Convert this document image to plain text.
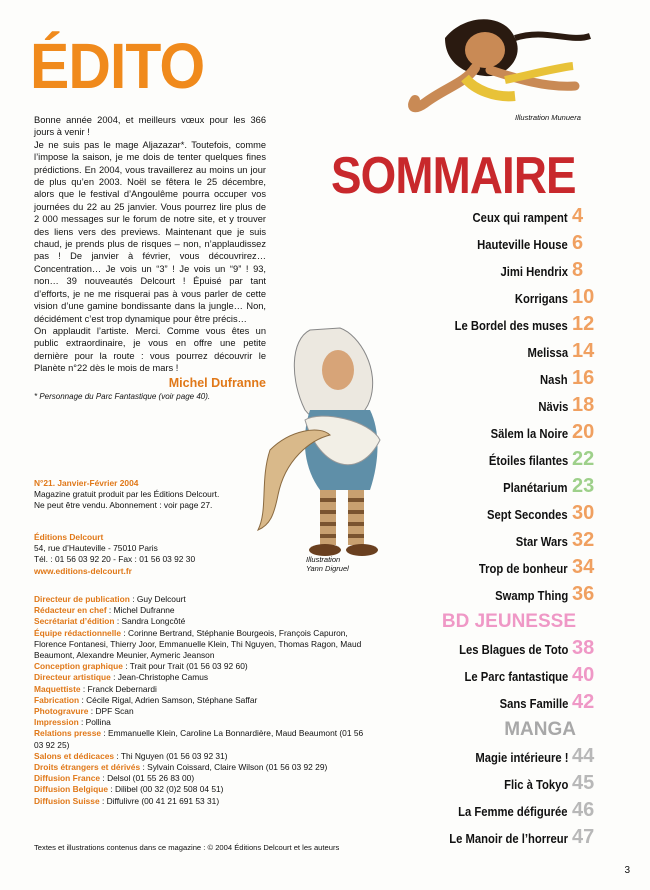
ÉDITO

Bonne année 2004, et meilleurs vœux pour les 366 jours à venir !

Je ne suis pas le mage Aljazazar*. Toutefois, comme l’impose la saison, je me dois de tenter quelques fines prédictions. En 2004, vous travaillerez au moins un jour de plus qu’en 2003. Noël se fêtera le 25 décembre, alors que le festival d’Angoulême pourra occuper vos journées du 22 au 25 janvier. Vous pourrez lire plus de 2 000 messages sur le forum de notre site, et y trouver des liens vers des previews. Maintenant que je suis chaud, je prends plus de risques – non, n’applaudissez pas ! De janvier à février, vous découvrirez… Concentration… Je vois un “3” ! Je vois un “9” ! 93, non… 39 nouveautés Delcourt ! Épuisé par tant d’efforts, je ne me risquerai pas à vous parler de cette vision d’une gamine bondissante dans la jungle… Non, décidément c’est trop dynamique pour être précis…

On applaudit l’artiste. Merci. Comme vous êtes un public extraordinaire, je vous en offre une petite dernière pour la route : vous pourrez découvrir le Planète n°22 dès le mois de mars !

Michel Dufranne
* Personnage du Parc Fantastique (voir page 40).

N°21. Janvier-Février 2004

Magazine gratuit produit par les Éditions Delcourt.

Ne peut être vendu. Abonnement : voir page 27.

Éditions Delcourt

54, rue d’Hauteville - 75010 Paris

Tél. : 01 56 03 92 20 - Fax : 01 56 03 92 30

www.editions-delcourt.fr

Directeur de publication : Guy Delcourt

Rédacteur en chef : Michel Dufranne

Secrétariat d’édition : Sandra Longcôté

Équipe rédactionnelle : Corinne Bertrand, Stéphanie Bourgeois, François Capuron, Florence Fontanesi, Thierry Joor, Emmanuelle Klein, Thi Nguyen, Thomas Ragon, Maud Beaumont, Alexandre Meunier, Aymeric Jeanson

Conception graphique : Trait pour Trait (01 56 03 92 60)

Directeur artistique : Jean-Christophe Camus

Maquettiste : Franck Debernardi

Fabrication : Cécile Rigal, Adrien Samson, Stéphane Saffar

Photogravure : DPF Scan

Impression : Pollina

Relations presse : Emmanuelle Klein, Caroline La Bonnardière, Maud Beaumont (01 56 03 92 25)

Salons et dédicaces : Thi Nguyen (01 56 03 92 31)

Droits étrangers et dérivés : Sylvain Coissard, Claire Wilson (01 56 03 92 29)

Diffusion France : Delsol (01 55 26 83 00)

Diffusion Belgique : Dilibel (00 32 (0)2 508 04 51)

Diffusion Suisse : Diffulivre (00 41 21 691 53 31)

Textes et illustrations contenus dans ce magazine : © 2004 Éditions Delcourt et les auteurs
Illustration Munuera
SOMMAIRE
Illustration
Yann Digruel
Ceux qui rampent 4
Hauteville House 6
Jimi Hendrix 8
Korrigans 10
Le Bordel des muses 12
Melissa 14
Nash 16
Nävis 18
Sälem la Noire 20
Étoiles filantes 22
Planétarium 23
Sept Secondes 30
Star Wars 32
Trop de bonheur 34
Swamp Thing 36
BD JEUNESSE
Les Blagues de Toto 38
Le Parc fantastique 40
Sans Famille 42
MANGA
Magie intérieure ! 44
Flic à Tokyo 45
La Femme défigurée 46
Le Manoir de l’horreur 47
3
